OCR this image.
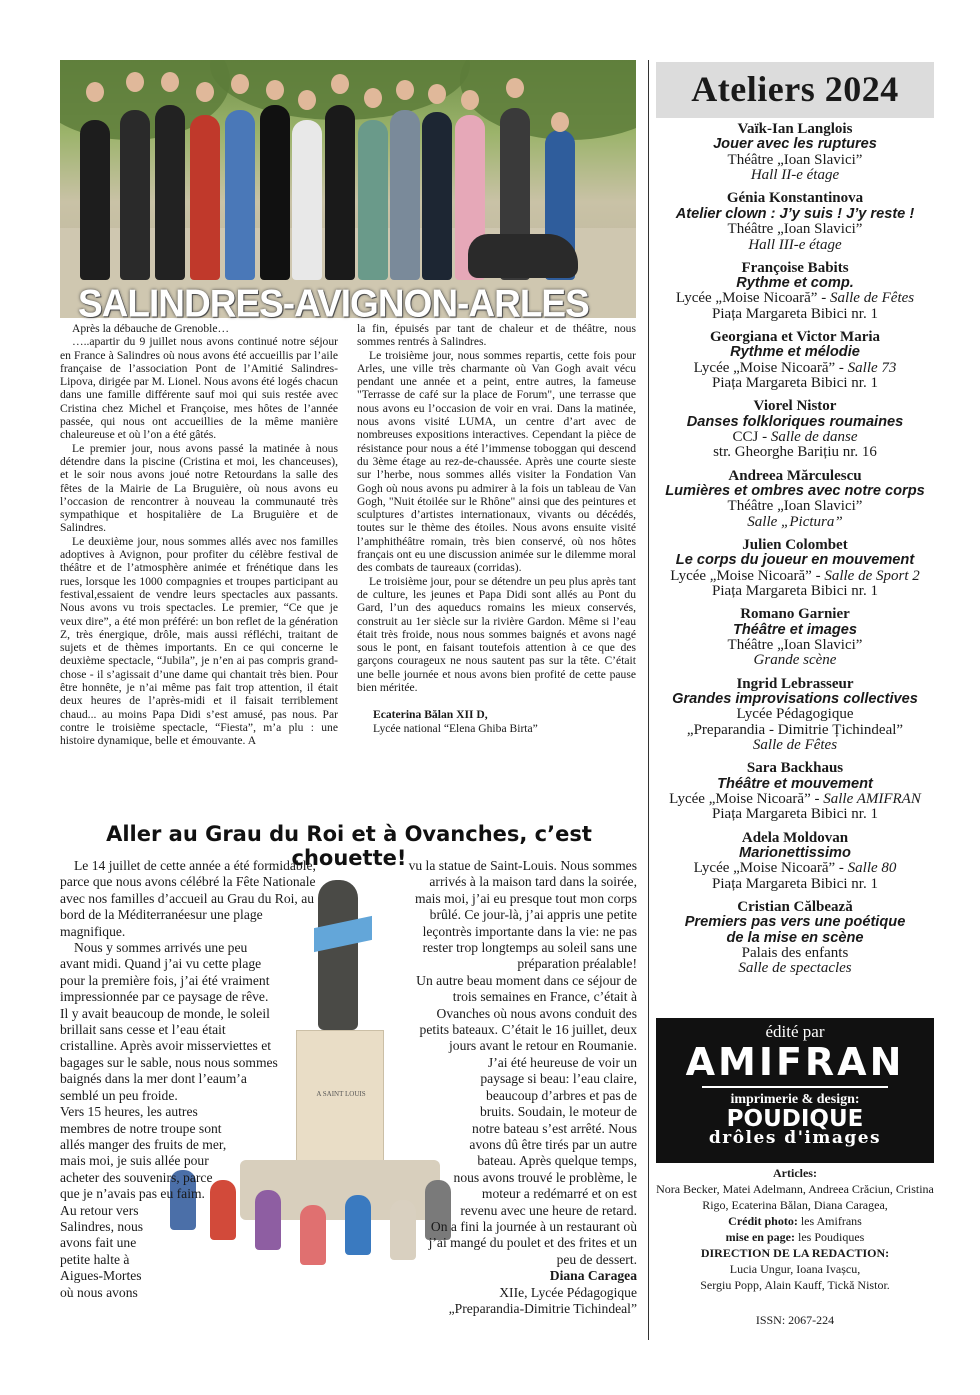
SALINDRES-AVIGNON-ARLES

Après la débauche de Grenoble…

…..apartir du 9 juillet nous avons continué notre séjour en France à Salindres où nous avons été accueillis par l’aile française de l’association Pont de l’Amitié Salindres-Lipova, dirigée par M. Lionel. Nous avons été logés chacun dans une famille différente sauf moi qui suis restée avec Cristina chez Michel et Françoise, mes hôtes de l’année passée, qui nous ont accueillies de la même manière chaleureuse et où l’on a été gâtés.

Le premier jour, nous avons passé la matinée à nous détendre dans la piscine (Cristina et moi, les chanceuses), et le soir nous avons joué notre Retourdans la salle des fêtes de la Mairie de La Bruguière, où nous avons eu l’occasion de rencontrer à nouveau la communauté très sympathique et hospitalière de La Bruguière et de Salindres.

Le deuxième jour, nous sommes allés avec nos familles adoptives à Avignon, pour profiter du célèbre festival de théâtre et de l’atmosphère animée et frénétique dans les rues, lorsque les 1000 compagnies et troupes participant au festival,essaient de vendre leurs spectacles aux passants. Nous avons vu trois spectacles. Le premier, “Ce que je veux dire”, a été mon préféré: un bon reflet de la génération Z, très énergique, drôle, mais aussi réfléchi, traitant de sujets et de thèmes importants. En ce qui concerne le deuxième spectacle, “Jubila”, je n’en ai pas compris grand-chose - il s’agissait d’une dame qui chantait très bien. Pour être honnête, je n’ai même pas fait trop attention, il était deux heures de l’après-midi et il faisait terriblement chaud... au moins Papa Didi s’est amusé, pas nous. Par contre le troisième spectacle, “Fiesta”, m’a plu : une histoire dynamique, belle et émouvante. A

la fin, épuisés par tant de chaleur et de théâtre, nous sommes rentrés à Salindres.

Le troisième jour, nous sommes repartis, cette fois pour Arles, une ville très charmante où Van Gogh avait vécu pendant une année et a peint, entre autres, la fameuse "Terrasse de café sur la place de Forum", une terrasse que nous avons eu l’occasion de voir en vrai. Dans la matinée, nous avons visité LUMA, un centre d’art avec de nombreuses expositions interactives. Cependant la pièce de résistance pour nous a été l’immense toboggan qui descend du 3ème étage au rez-de-chaussée. Après une courte sieste sur l’herbe, nous sommes allés visiter la Fondation Van Gogh où nous avons pu admirer à la fois un tableau de Van Gogh, "Nuit étoilée sur le Rhône" ainsi que des peintures et sculptures d’artistes internationaux, vivants ou décédés, toutes sur le thème des étoiles. Nous avons ensuite visité l’amphithéâtre romain, très bien conservé, où nos hôtes français ont eu une discussion animée sur le dilemme moral des combats de taureaux (corridas).

Le troisième jour, pour se détendre un peu plus après tant de culture, les jeunes et Papa Didi sont allés au Pont du Gard, l’un des aqueducs romains les mieux conservés, construit au 1er siècle sur la rivière Gardon. Même si l’eau était très froide, nous nous sommes baignés et avons nagé sous le pont, en faisant toutefois attention à ce que des garçons courageux ne nous sautent pas sur la tête. C’était une belle journée et nous avons bien profité de cette pause bien méritée.

Ecaterina Bălan XII D,
Lycée national “Elena Ghiba Birta”
Aller au Grau du Roi et à Ovanches, c’est chouette!
A SAINT LOUIS

Le 14 juillet de cette année a été formidable, parce que nous avons célébré la Fête Nationale avec nos familles d’accueil au Grau du Roi, au bord de la Méditerranéesur une plage magnifique.

Nous y sommes arrivés une peu avant midi. Quand j’ai vu cette plage pour la première fois, j’ai été vraiment impressionnée par ce paysage de rêve. Il y avait beaucoup de monde, le soleil brillait sans cesse et l’eau était cristalline. Après avoir misserviettes et bagages sur le sable, nous nous sommes baignés dans la mer dont l’eaum’a semblé un peu froide.

Vers 15 heures, les autres membres de notre troupe sont allés manger des fruits de mer, mais moi, je suis allée pour acheter des souvenirs, parce que je n’avais pas eu faim.

Au retour vers Salindres, nous avons fait une petite halte à Aigues-Mortes où nous avons

vu la statue de Saint-Louis. Nous sommes arrivés à la maison tard dans la soirée, mais moi, j’ai eu presque tout mon corps brûlé. Ce jour-là, j’ai appris une petite leçontrès importante dans la vie: ne pas rester trop longtemps au soleil sans une préparation préalable!

Un autre beau moment dans ce séjour de trois semaines en France, c’était à Ovanches où nous avons conduit des petits bateaux. C’était le 16 juillet, deux jours avant le retour en Roumanie.

J’ai été heureuse de voir un paysage si beau: l’eau claire, beaucoup d’arbres et pas de bruits. Soudain, le moteur de notre bateau s’est arrêté. Nous avons dû être tirés par un autre bateau. Après quelque temps, nous avons trouvé le problème, le moteur a redémarré et on est revenu avec une heure de retard.

On a fini la journée à un restaurant où j’ai mangé du poulet et des frites et un peu de dessert.

Diana Caragea
XIIe, Lycée Pédagogique
„Preparandia-Dimitrie Tichindeal”
Ateliers 2024
Vaïk-Ian Langlois
Jouer avec les ruptures
Théâtre „Ioan Slavici”
Hall II-e étage
Génia Konstantinova
Atelier clown : J’y suis ! J’y reste !
Théâtre „Ioan Slavici”
Hall III-e étage
Françoise Babits
Rythme et comp.
Lycée „Moise Nicoară” - Salle de Fêtes
Piața Margareta Bibici nr. 1
Georgiana et Victor Maria
Rythme et mélodie
Lycée „Moise Nicoară” - Salle 73
Piața Margareta Bibici nr. 1
Viorel Nistor
Danses folkloriques roumaines
CCJ - Salle de danse
str. Gheorghe Barițiu nr. 16
Andreea Mărculescu
Lumières et ombres avec notre corps
Théâtre „Ioan Slavici”
Salle „Pictura”
Julien Colombet
Le corps du joueur en mouvement
Lycée „Moise Nicoară” - Salle de Sport 2
Piața Margareta Bibici nr. 1
Romano Garnier
Théâtre et images
Théâtre „Ioan Slavici”
Grande scène
Ingrid Lebrasseur
Grandes improvisations collectives
Lycée Pédagogique
„Preparandia - Dimitrie Țichindeal”
Salle de Fêtes
Sara Backhaus
Théâtre et mouvement
Lycée „Moise Nicoară” - Salle AMIFRAN
Piața Margareta Bibici nr. 1
Adela Moldovan
Marionettissimo
Lycée „Moise Nicoară” - Salle 80
Piața Margareta Bibici nr. 1
Cristian Călbează
Premiers pas vers une poétique
de la mise en scène
Palais des enfants
Salle de spectacles
édité par
AMIFRAN
imprimerie & design:
POUDIQUE
drôles d'images
Articles:
Nora Becker, Matei Adelmann, Andreea Crăciun, Cristina Rigo, Ecaterina Bălan, Diana Caragea,
Crédit photo: les Amifrans
mise en page: les Poudiques
DIRECTION DE LA REDACTION:
Lucia Ungur, Ioana Ivașcu,
Sergiu Popp, Alain Kauff, Tickă Nistor.
ISSN: 2067-224
